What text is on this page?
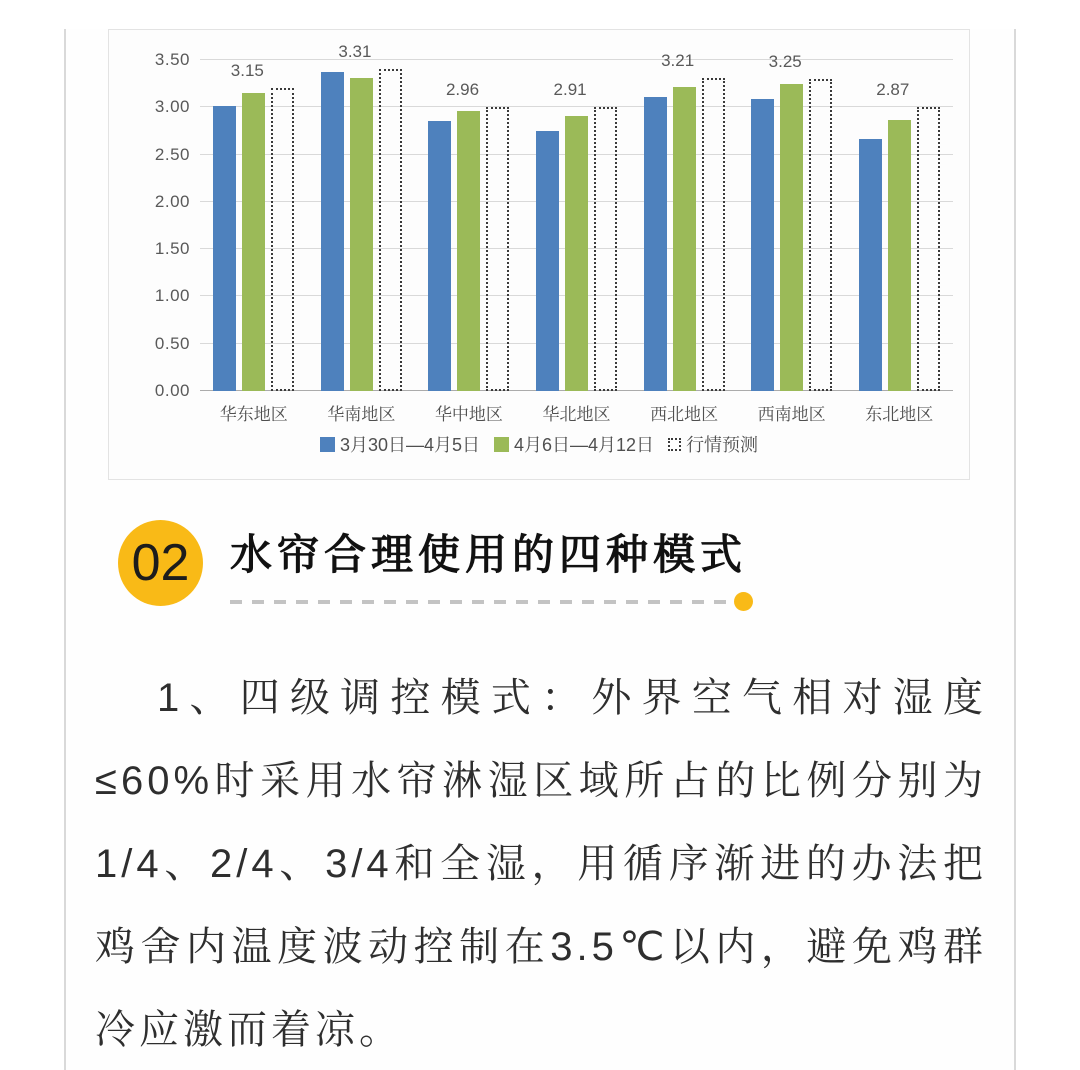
0.00
0.50
1.00
1.50
2.00
2.50
3.00
3.50
3.15
3.31
2.96	2.91
3.21	3.25
2.87
华东地区	华南地区	华中地区	华北地区	西北地区	西南地区	东北地区
3月30日—4月5日 4月6日—4月12日 行情预测
02 水帘合理使用的四种模式
1、四级调控模式：外界空气相对湿度
≤60%时采用水帘淋湿区域所占的比例分别为
1/4、2/4、3/4和全湿，用循序渐进的办法把
鸡舍内温度波动控制在3.5℃以内，避免鸡群
冷应激而着凉。
